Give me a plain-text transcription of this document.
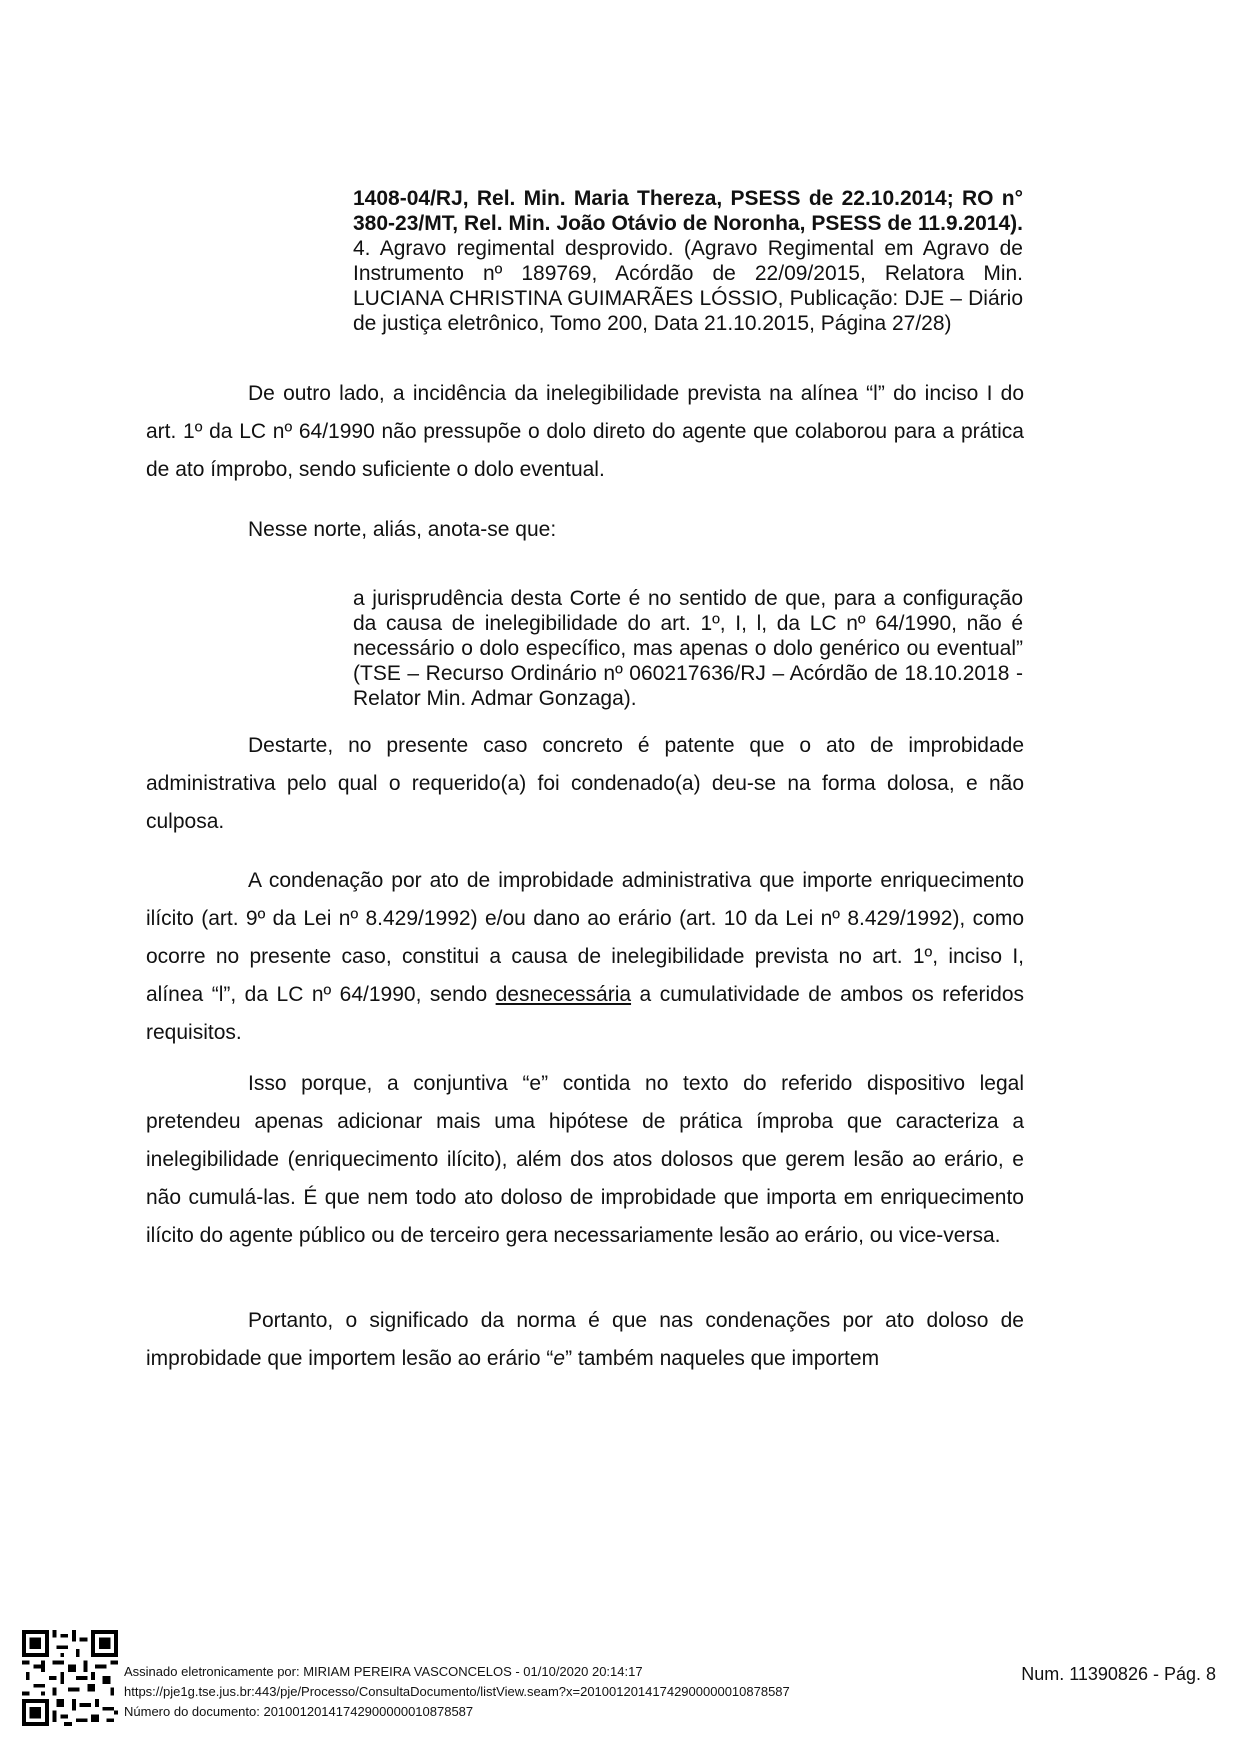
1408-04/RJ, Rel. Min. Maria Thereza, PSESS de 22.10.2014; RO n° 380-23/MT, Rel. Min. João Otávio de Noronha, PSESS de 11.9.2014). 4. Agravo regimental desprovido. (Agravo Regimental em Agravo de Instrumento nº 189769, Acórdão de 22/09/2015, Relatora Min. LUCIANA CHRISTINA GUIMARÃES LÓSSIO, Publicação: DJE – Diário de justiça eletrônico, Tomo 200, Data 21.10.2015, Página 27/28)
De outro lado, a incidência da inelegibilidade prevista na alínea “l” do inciso I do art. 1º da LC nº 64/1990 não pressupõe o dolo direto do agente que colaborou para a prática de ato ímprobo, sendo suficiente o dolo eventual.
Nesse norte, aliás, anota-se que:
a jurisprudência desta Corte é no sentido de que, para a configuração da causa de inelegibilidade do art. 1º, I, l, da LC nº 64/1990, não é necessário o dolo específico, mas apenas o dolo genérico ou eventual” (TSE – Recurso Ordinário nº 060217636/RJ – Acórdão de 18.10.2018 -Relator Min. Admar Gonzaga).
Destarte, no presente caso concreto é patente que o ato de improbidade administrativa pelo qual o requerido(a) foi condenado(a) deu-se na forma dolosa, e não culposa.
A condenação por ato de improbidade administrativa que importe enriquecimento ilícito (art. 9º da Lei nº 8.429/1992) e/ou dano ao erário (art. 10 da Lei nº 8.429/1992), como ocorre no presente caso, constitui a causa de inelegibilidade prevista no art. 1º, inciso I, alínea “l”, da LC nº 64/1990, sendo desnecessária a cumulatividade de ambos os referidos requisitos.
Isso porque, a conjuntiva “e” contida no texto do referido dispositivo legal pretendeu apenas adicionar mais uma hipótese de prática ímproba que caracteriza a inelegibilidade (enriquecimento ilícito), além dos atos dolosos que gerem lesão ao erário, e não cumulá-las. É que nem todo ato doloso de improbidade que importa em enriquecimento ilícito do agente público ou de terceiro gera necessariamente lesão ao erário, ou vice-versa.
Portanto, o significado da norma é que nas condenações por ato doloso de improbidade que importem lesão ao erário “e” também naqueles que importem
Assinado eletronicamente por: MIRIAM PEREIRA VASCONCELOS - 01/10/2020 20:14:17
https://pje1g.tse.jus.br:443/pje/Processo/ConsultaDocumento/listView.seam?x=20100120141742900000010878587
Número do documento: 20100120141742900000010878587
Num. 11390826 - Pág. 8
